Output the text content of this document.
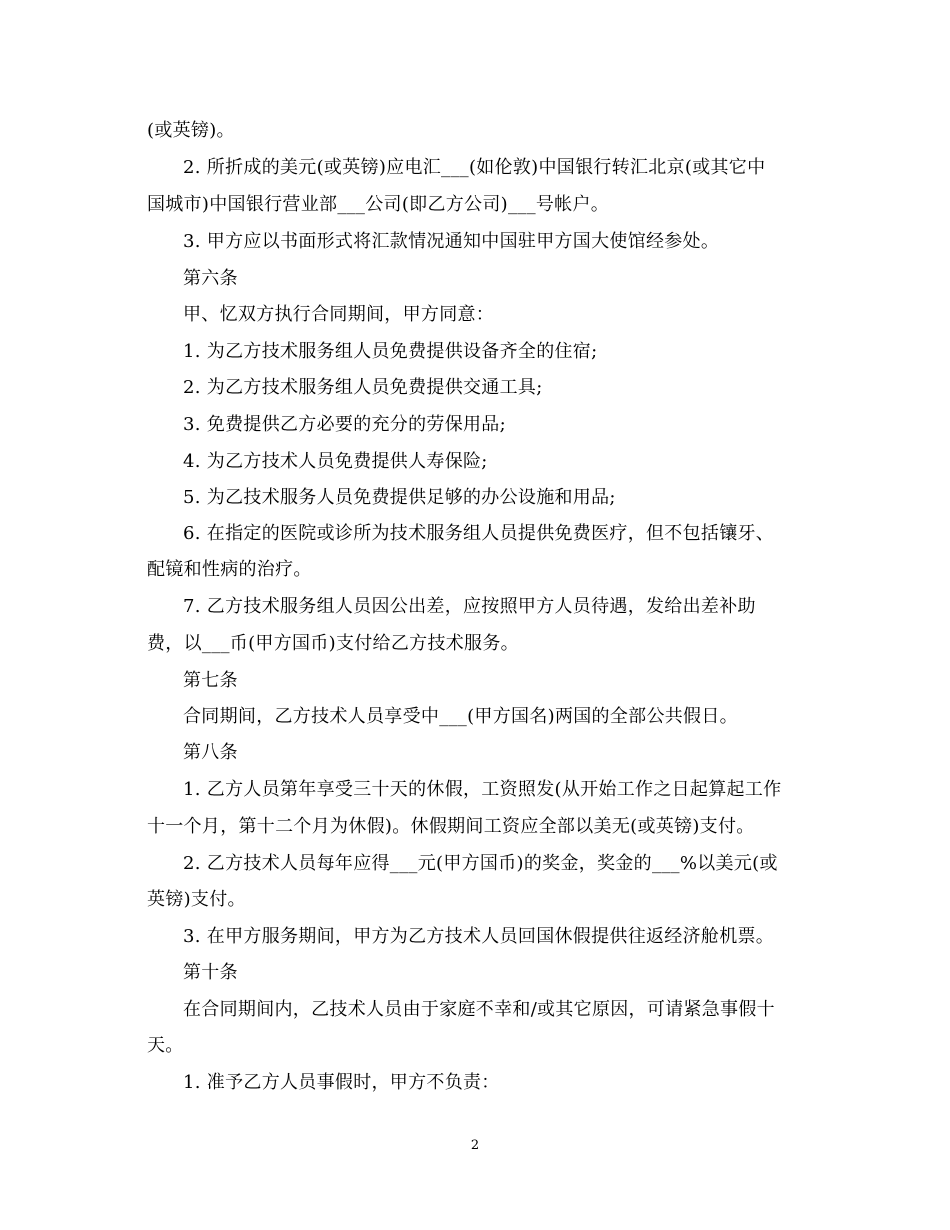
(或英镑)。
2. 所折成的美元(或英镑)应电汇___(如伦敦)中国银行转汇北京(或其它中
国城市)中国银行营业部___公司(即乙方公司)___号帐户。
3. 甲方应以书面形式将汇款情况通知中国驻甲方国大使馆经参处。
第六条
甲、忆双方执行合同期间，甲方同意：
1. 为乙方技术服务组人员免费提供设备齐全的住宿;
2. 为乙方技术服务组人员免费提供交通工具;
3. 免费提供乙方必要的充分的劳保用品;
4. 为乙方技术人员免费提供人寿保险;
5. 为乙技术服务人员免费提供足够的办公设施和用品;
6. 在指定的医院或诊所为技术服务组人员提供免费医疗，但不包括镶牙、
配镜和性病的治疗。
7. 乙方技术服务组人员因公出差，应按照甲方人员待遇，发给出差补助
费，以___币(甲方国币)支付给乙方技术服务。
第七条
合同期间，乙方技术人员享受中___(甲方国名)两国的全部公共假日。
第八条
1. 乙方人员第年享受三十天的休假，工资照发(从开始工作之日起算起工作
十一个月，第十二个月为休假)。休假期间工资应全部以美无(或英镑)支付。
2. 乙方技术人员每年应得___元(甲方国币)的奖金，奖金的___%以美元(或
英镑)支付。
3. 在甲方服务期间，甲方为乙方技术人员回国休假提供往返经济舱机票。
第十条
在合同期间内，乙技术人员由于家庭不幸和/或其它原因，可请紧急事假十
天。
1. 准予乙方人员事假时，甲方不负责：
2
